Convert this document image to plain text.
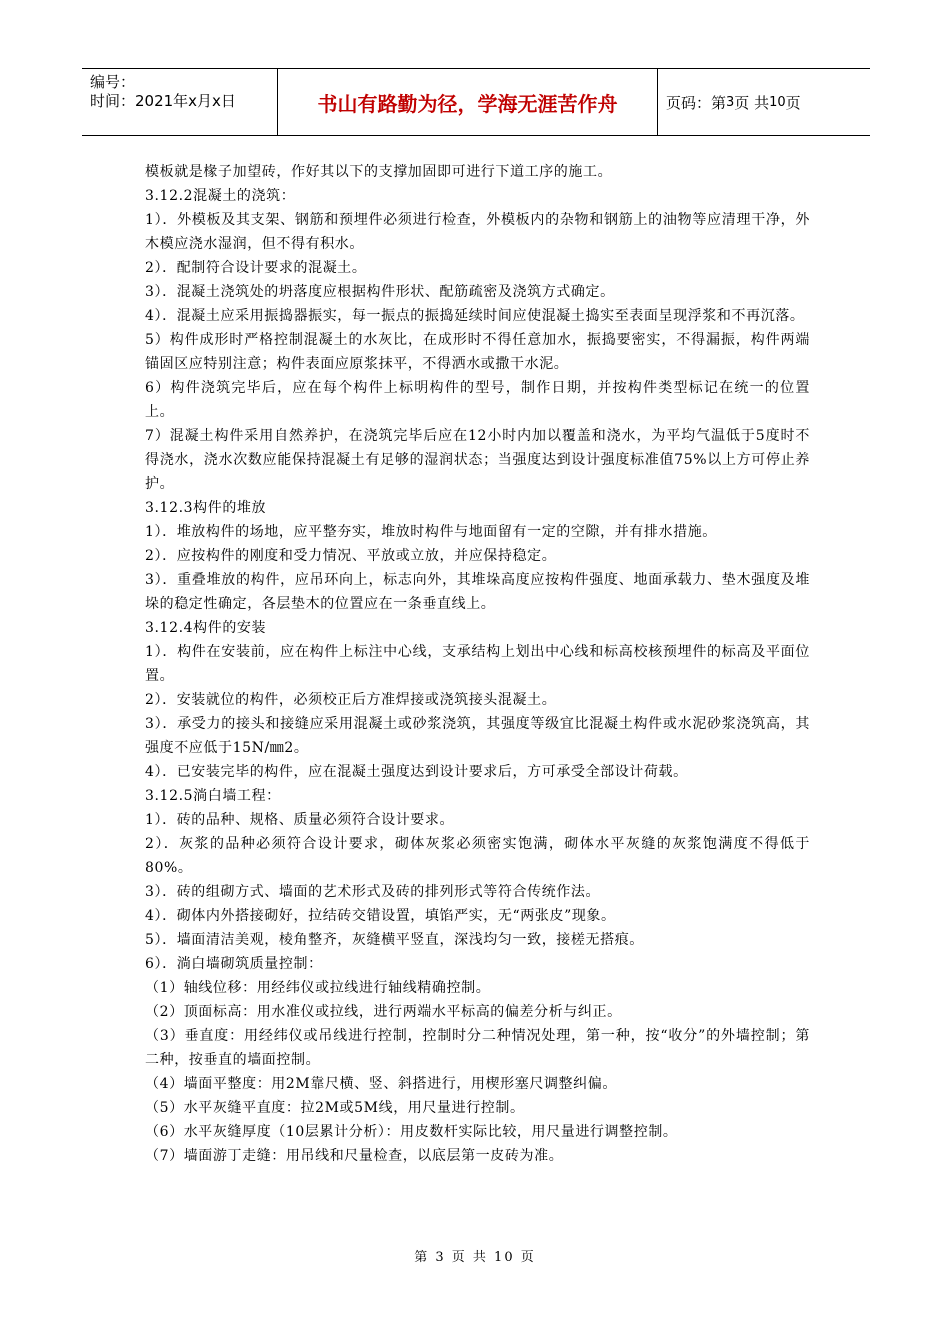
编号：
时间：2021年x月x日	书山有路勤为径，学海无涯苦作舟	页码：第 3 页 共 10 页

模板就是椽子加望砖，作好其以下的支撑加固即可进行下道工序的施工。

3.12.2混凝土的浇筑：

1）．外模板及其支架、钢筋和预埋件必须进行检查，外模板内的杂物和钢筋上的油物等应清理干净，外木模应浇水湿润，但不得有积水。

2）．配制符合设计要求的混凝土。

3）．混凝土浇筑处的坍落度应根据构件形状、配筋疏密及浇筑方式确定。

4）．混凝土应采用振捣器振实，每一振点的振捣延续时间应使混凝土捣实至表面呈现浮浆和不再沉落。

5）构件成形时严格控制混凝土的水灰比，在成形时不得任意加水，振捣要密实，不得漏振，构件两端锚固区应特别注意；构件表面应原浆抹平，不得洒水或撒干水泥。

6）构件浇筑完毕后，应在每个构件上标明构件的型号，制作日期，并按构件类型标记在统一的位置上。

7）混凝土构件采用自然养护，在浇筑完毕后应在12小时内加以覆盖和浇水，为平均气温低于5度时不得浇水，浇水次数应能保持混凝土有足够的湿润状态；当强度达到设计强度标准值75%以上方可停止养护。

3.12.3构件的堆放

1）．堆放构件的场地，应平整夯实，堆放时构件与地面留有一定的空隙，并有排水措施。

2）．应按构件的刚度和受力情况、平放或立放，并应保持稳定。

3）．重叠堆放的构件，应吊环向上，标志向外，其堆垛高度应按构件强度、地面承载力、垫木强度及堆垛的稳定性确定，各层垫木的位置应在一条垂直线上。

3.12.4构件的安装

1）．构件在安装前，应在构件上标注中心线，支承结构上划出中心线和标高校核预埋件的标高及平面位置。

2）．安装就位的构件，必须校正后方准焊接或浇筑接头混凝土。

3）．承受力的接头和接缝应采用混凝土或砂浆浇筑，其强度等级宜比混凝土构件或水泥砂浆浇筑高，其强度不应低于15N/㎜2。

4）．已安装完毕的构件，应在混凝土强度达到设计要求后，方可承受全部设计荷载。

3.12.5淌白墙工程：

1）．砖的品种、规格、质量必须符合设计要求。

2）．灰浆的品种必须符合设计要求，砌体灰浆必须密实饱满，砌体水平灰缝的灰浆饱满度不得低于80%。

3）．砖的组砌方式、墙面的艺术形式及砖的排列形式等符合传统作法。

4）．砌体内外搭接砌好，拉结砖交错设置，填馅严实，无“两张皮”现象。

5）．墙面清洁美观，棱角整齐，灰缝横平竖直，深浅均匀一致，接槎无搭痕。

6）．淌白墙砌筑质量控制：

（1）轴线位移：用经纬仪或拉线进行轴线精确控制。

（2）顶面标高：用水准仪或拉线，进行两端水平标高的偏差分析与纠正。

（3）垂直度：用经纬仪或吊线进行控制，控制时分二种情况处理，第一种，按“收分”的外墙控制；第二种，按垂直的墙面控制。

（4）墙面平整度：用2M靠尺横、竖、斜搭进行，用楔形塞尺调整纠偏。

（5）水平灰缝平直度：拉2M或5M线，用尺量进行控制。

（6）水平灰缝厚度（10层累计分析）：用皮数杆实际比较，用尺量进行调整控制。

（7）墙面游丁走缝：用吊线和尺量检查，以底层第一皮砖为准。

第 3 页 共 10 页
